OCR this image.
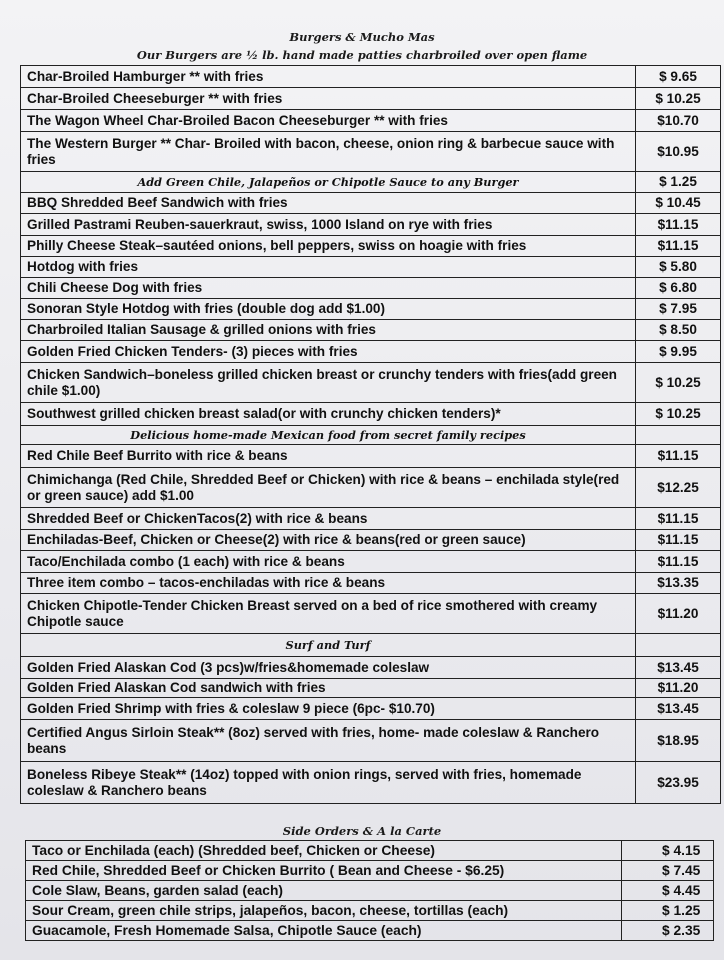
Burgers & Mucho Mas
Our Burgers are ½ lb. hand made patties charbroiled over open flame
Char-Broiled Hamburger ** with fries	$ 9.65
Char-Broiled Cheeseburger ** with fries	$ 10.25
The Wagon Wheel Char-Broiled Bacon Cheeseburger ** with fries	$10.70
The Western Burger ** Char- Broiled with bacon, cheese, onion ring & barbecue sauce with fries	$10.95
Add Green Chile, Jalapeños or Chipotle Sauce to any Burger	$ 1.25
BBQ Shredded Beef Sandwich with fries	$ 10.45
Grilled Pastrami Reuben-sauerkraut, swiss, 1000 Island on rye with fries	$11.15
Philly Cheese Steak–sautéed onions, bell peppers, swiss on hoagie with fries	$11.15
Hotdog with fries	$ 5.80
Chili Cheese Dog with fries	$ 6.80
Sonoran Style Hotdog with fries (double dog add $1.00)	$ 7.95
Charbroiled Italian Sausage & grilled onions with fries	$ 8.50
Golden Fried Chicken Tenders- (3) pieces with fries	$ 9.95
Chicken Sandwich–boneless grilled chicken breast or crunchy tenders with fries(add green chile $1.00)	$ 10.25
Southwest grilled chicken breast salad(or with crunchy chicken tenders)*	$ 10.25
Delicious home-made Mexican food from secret family recipes	
Red Chile Beef Burrito with rice & beans	$11.15
Chimichanga (Red Chile, Shredded Beef or Chicken) with rice & beans – enchilada style(red or green sauce) add $1.00	$12.25
Shredded Beef or ChickenTacos(2) with rice & beans	$11.15
Enchiladas-Beef, Chicken or Cheese(2) with rice & beans(red or green sauce)	$11.15
Taco/Enchilada combo (1 each) with rice & beans	$11.15
Three item combo – tacos-enchiladas with rice & beans	$13.35
Chicken Chipotle-Tender Chicken Breast served on a bed of rice smothered with creamy Chipotle sauce	$11.20
Surf and Turf	
Golden Fried Alaskan Cod (3 pcs)w/fries&homemade coleslaw	$13.45
Golden Fried Alaskan Cod sandwich with fries	$11.20
Golden Fried Shrimp with fries & coleslaw 9 piece (6pc- $10.70)	$13.45
Certified Angus Sirloin Steak** (8oz) served with fries, home- made coleslaw & Ranchero beans	$18.95
Boneless Ribeye Steak** (14oz) topped with onion rings, served with fries, homemade coleslaw & Ranchero beans	$23.95
Side Orders & A la Carte
Taco or Enchilada (each) (Shredded beef, Chicken or Cheese)	$ 4.15
Red Chile, Shredded Beef or Chicken Burrito ( Bean and Cheese - $6.25)	$ 7.45
Cole Slaw, Beans, garden salad (each)	$ 4.45
Sour Cream, green chile strips, jalapeños, bacon, cheese, tortillas (each)	$ 1.25
Guacamole, Fresh Homemade Salsa, Chipotle Sauce (each)	$ 2.35
